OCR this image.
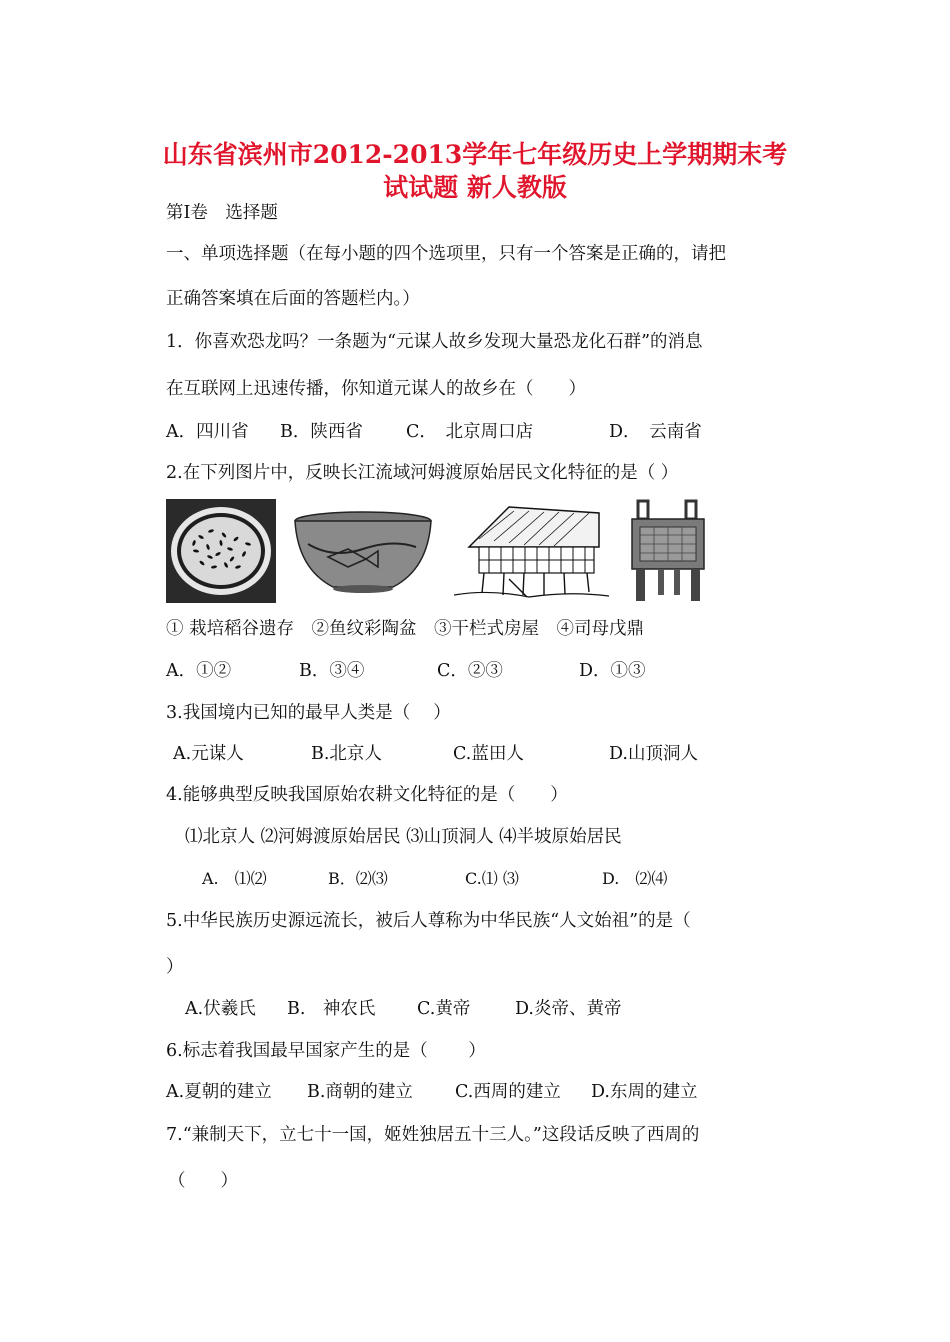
山东省滨州市2012-2013学年七年级历史上学期期末考
试试题 新人教版
第Ⅰ卷　选择题
一、单项选择题（在每小题的四个选项里，只有一个答案是正确的，请把
正确答案填在后面的答题栏内。）
1．你喜欢恐龙吗？一条题为“元谋人故乡发现大量恐龙化石群”的消息
在互联网上迅速传播，你知道元谋人的故乡在（　　）
A．四川省 B．陕西省 C．　北京周口店	D．　云南省
2.在下列图片中，反映长江流域河姆渡原始居民文化特征的是（ ）
① 栽培稻谷遗存　②鱼纹彩陶盆　③干栏式房屋　④司母戊鼎
A．①②	B．③④	C．②③	D．①③
3.我国境内已知的最早人类是（　 ）
A.元谋人	B.北京人	C.蓝田人	D.山顶洞人
4.能够典型反映我国原始农耕文化特征的是（　　）
⑴北京人 ⑵河姆渡原始居民 ⑶山顶洞人 ⑷半坡原始居民
A.　⑴⑵	B．⑵⑶	C.⑴ ⑶	D.　⑵⑷
5.中华民族历史源远流长，被后人尊称为中华民族“人文始祖”的是（
）
A.伏羲氏 B.　神农氏 C.黄帝	D.炎帝、黄帝
6.标志着我国最早国家产生的是（　　 ）
A.夏朝的建立 B.商朝的建立 C.西周的建立 D.东周的建立
7.“兼制天下，立七十一国，姬姓独居五十三人。”这段话反映了西周的
（　　）
